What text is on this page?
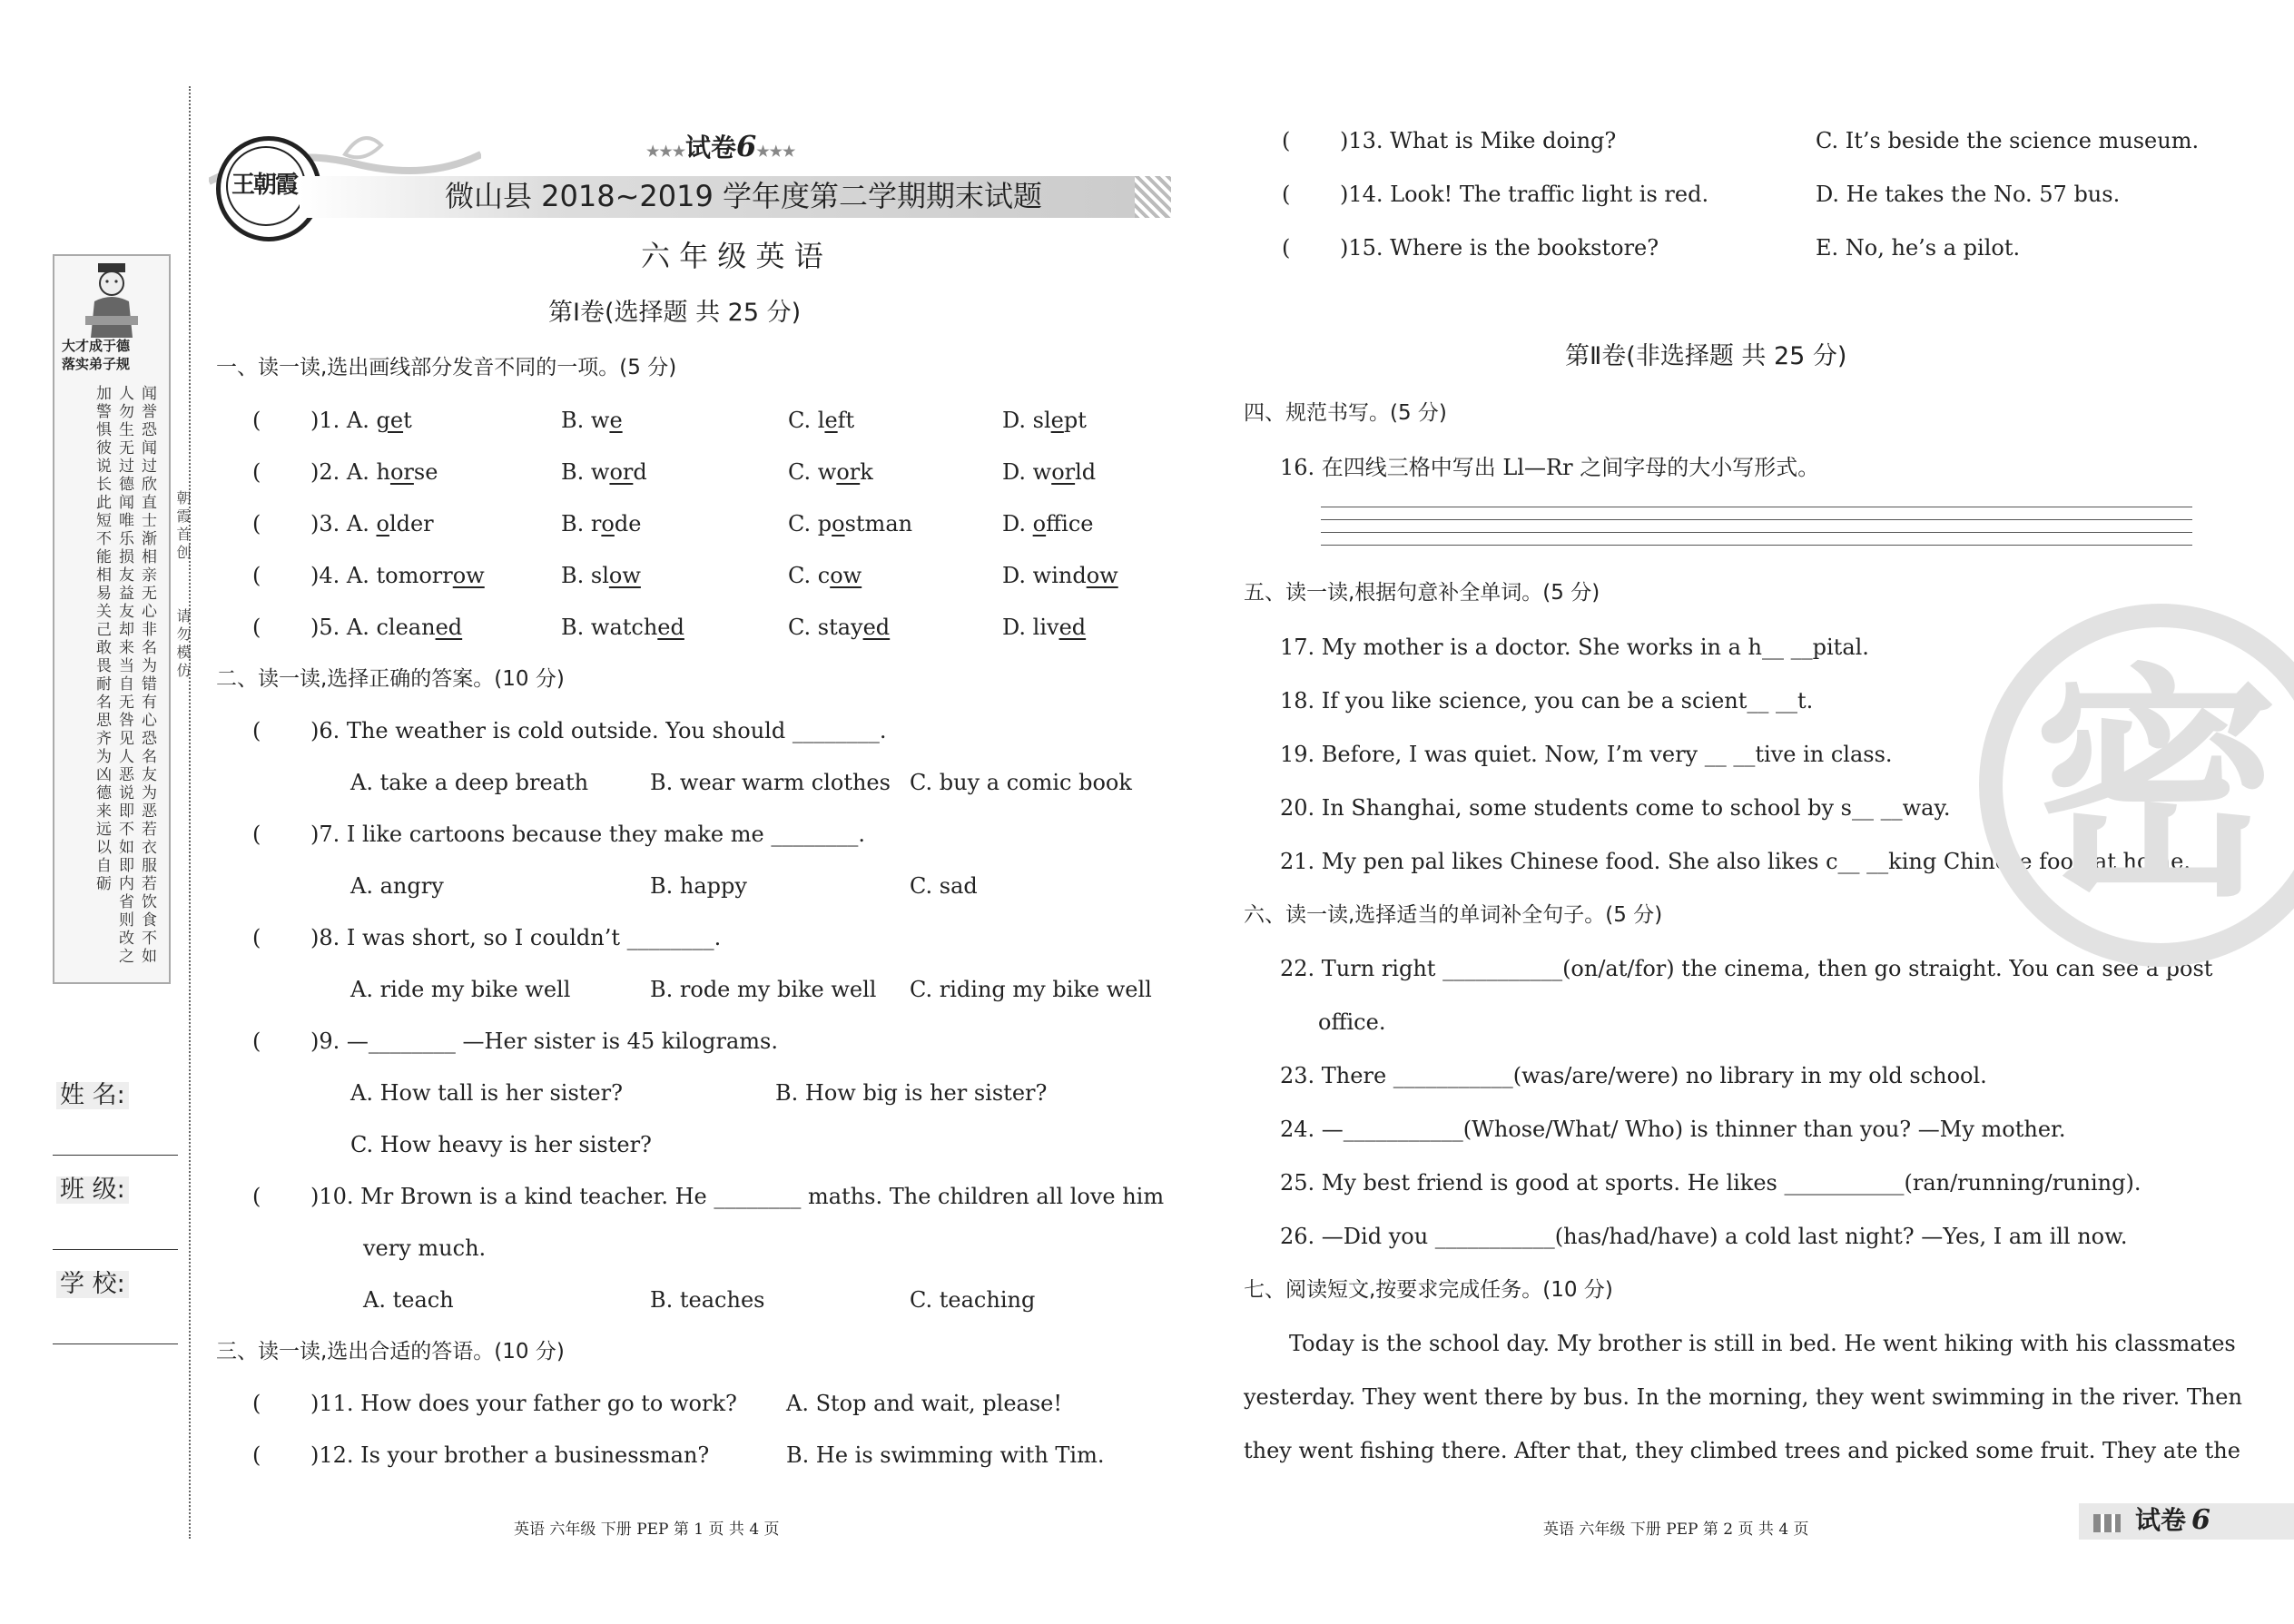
大才成于德
落实弟子规
闻誉恐闻过欣直士渐相亲无心非名为错有心恐名友为恶若衣服若饮食不如人勿生无过德闻唯乐损友益友却来当自无咎见人恶说即不如即内省则改之加警惧彼说长此短不能相易关己敢畏耐名思齐为凶德来远以自砺	朝霞首创
请勿模仿
姓 名:
班 级:
学 校:
王朝霞
★★★试卷6★★★
微山县 2018~2019 学年度第二学期期末试题
六 年 级 英 语
第Ⅰ卷(选择题 共 25 分)
一、读一读,选出画线部分发音不同的一项。(5 分)
( )1. A. get	B. we	C. left	D. slept
( )2. A. horse	B. word	C. work	D. world
( )3. A. older	B. rode	C. postman	D. office
( )4. A. tomorrow	B. slow	C. cow	D. window
( )5. A. cleaned	B. watched	C. stayed	D. lived
二、读一读,选择正确的答案。(10 分)
( )6. The weather is cold outside. You should ________.
A. take a deep breath	B. wear warm clothes C. buy a comic book
( )7. I like cartoons because they make me ________.
A. angry	B. happy	C. sad
( )8. I was short, so I couldn’t ________.
A. ride my bike well	B. rode my bike well C. riding my bike well
( )9. —________ —Her sister is 45 kilograms.
A. How tall is her sister?	B. How big is her sister?
C. How heavy is her sister?
( )10. Mr Brown is a kind teacher. He ________ maths. The children all love him
very much.
A. teach	B. teaches	C. teaching
三、读一读,选出合适的答语。(10 分)
( )11. How does your father go to work? A. Stop and wait, please!
( )12. Is your brother a businessman?	B. He is swimming with Tim.
英语 六年级 下册 PEP 第 1 页 共 4 页
( )13. What is Mike doing?	C. It’s beside the science museum.
( )14. Look! The traffic light is red.	D. He takes the No. 57 bus.
( )15. Where is the bookstore?	E. No, he’s a pilot.
第Ⅱ卷(非选择题 共 25 分)
四、规范书写。(5 分)
16. 在四线三格中写出 Ll—Rr 之间字母的大小写形式。
五、读一读,根据句意补全单词。(5 分)
17. My mother is a doctor. She works in a h__ __pital.
18. If you like science, you can be a scient__ __t.
19. Before, I was quiet. Now, I’m very __ __tive in class.
20. In Shanghai, some students come to school by s__ __way.
21. My pen pal likes Chinese food. She also likes c__ __king Chinese food at home.
六、读一读,选择适当的单词补全句子。(5 分)
22. Turn right ___________(on/at/for) the cinema, then go straight. You can see a post
office.
23. There ___________(was/are/were) no library in my old school.
24. —___________(Whose/What/ Who) is thinner than you? —My mother.
25. My best friend is good at sports. He likes ___________(ran/running/runing).
26. —Did you ___________(has/had/have) a cold last night? —Yes, I am ill now.
七、阅读短文,按要求完成任务。(10 分)
Today is the school day. My brother is still in bed. He went hiking with his classmates
yesterday. They went there by bus. In the morning, they went swimming in the river. Then
they went fishing there. After that, they climbed trees and picked some fruit. They ate the
英语 六年级 下册 PEP 第 2 页 共 4 页
密
试卷 6
